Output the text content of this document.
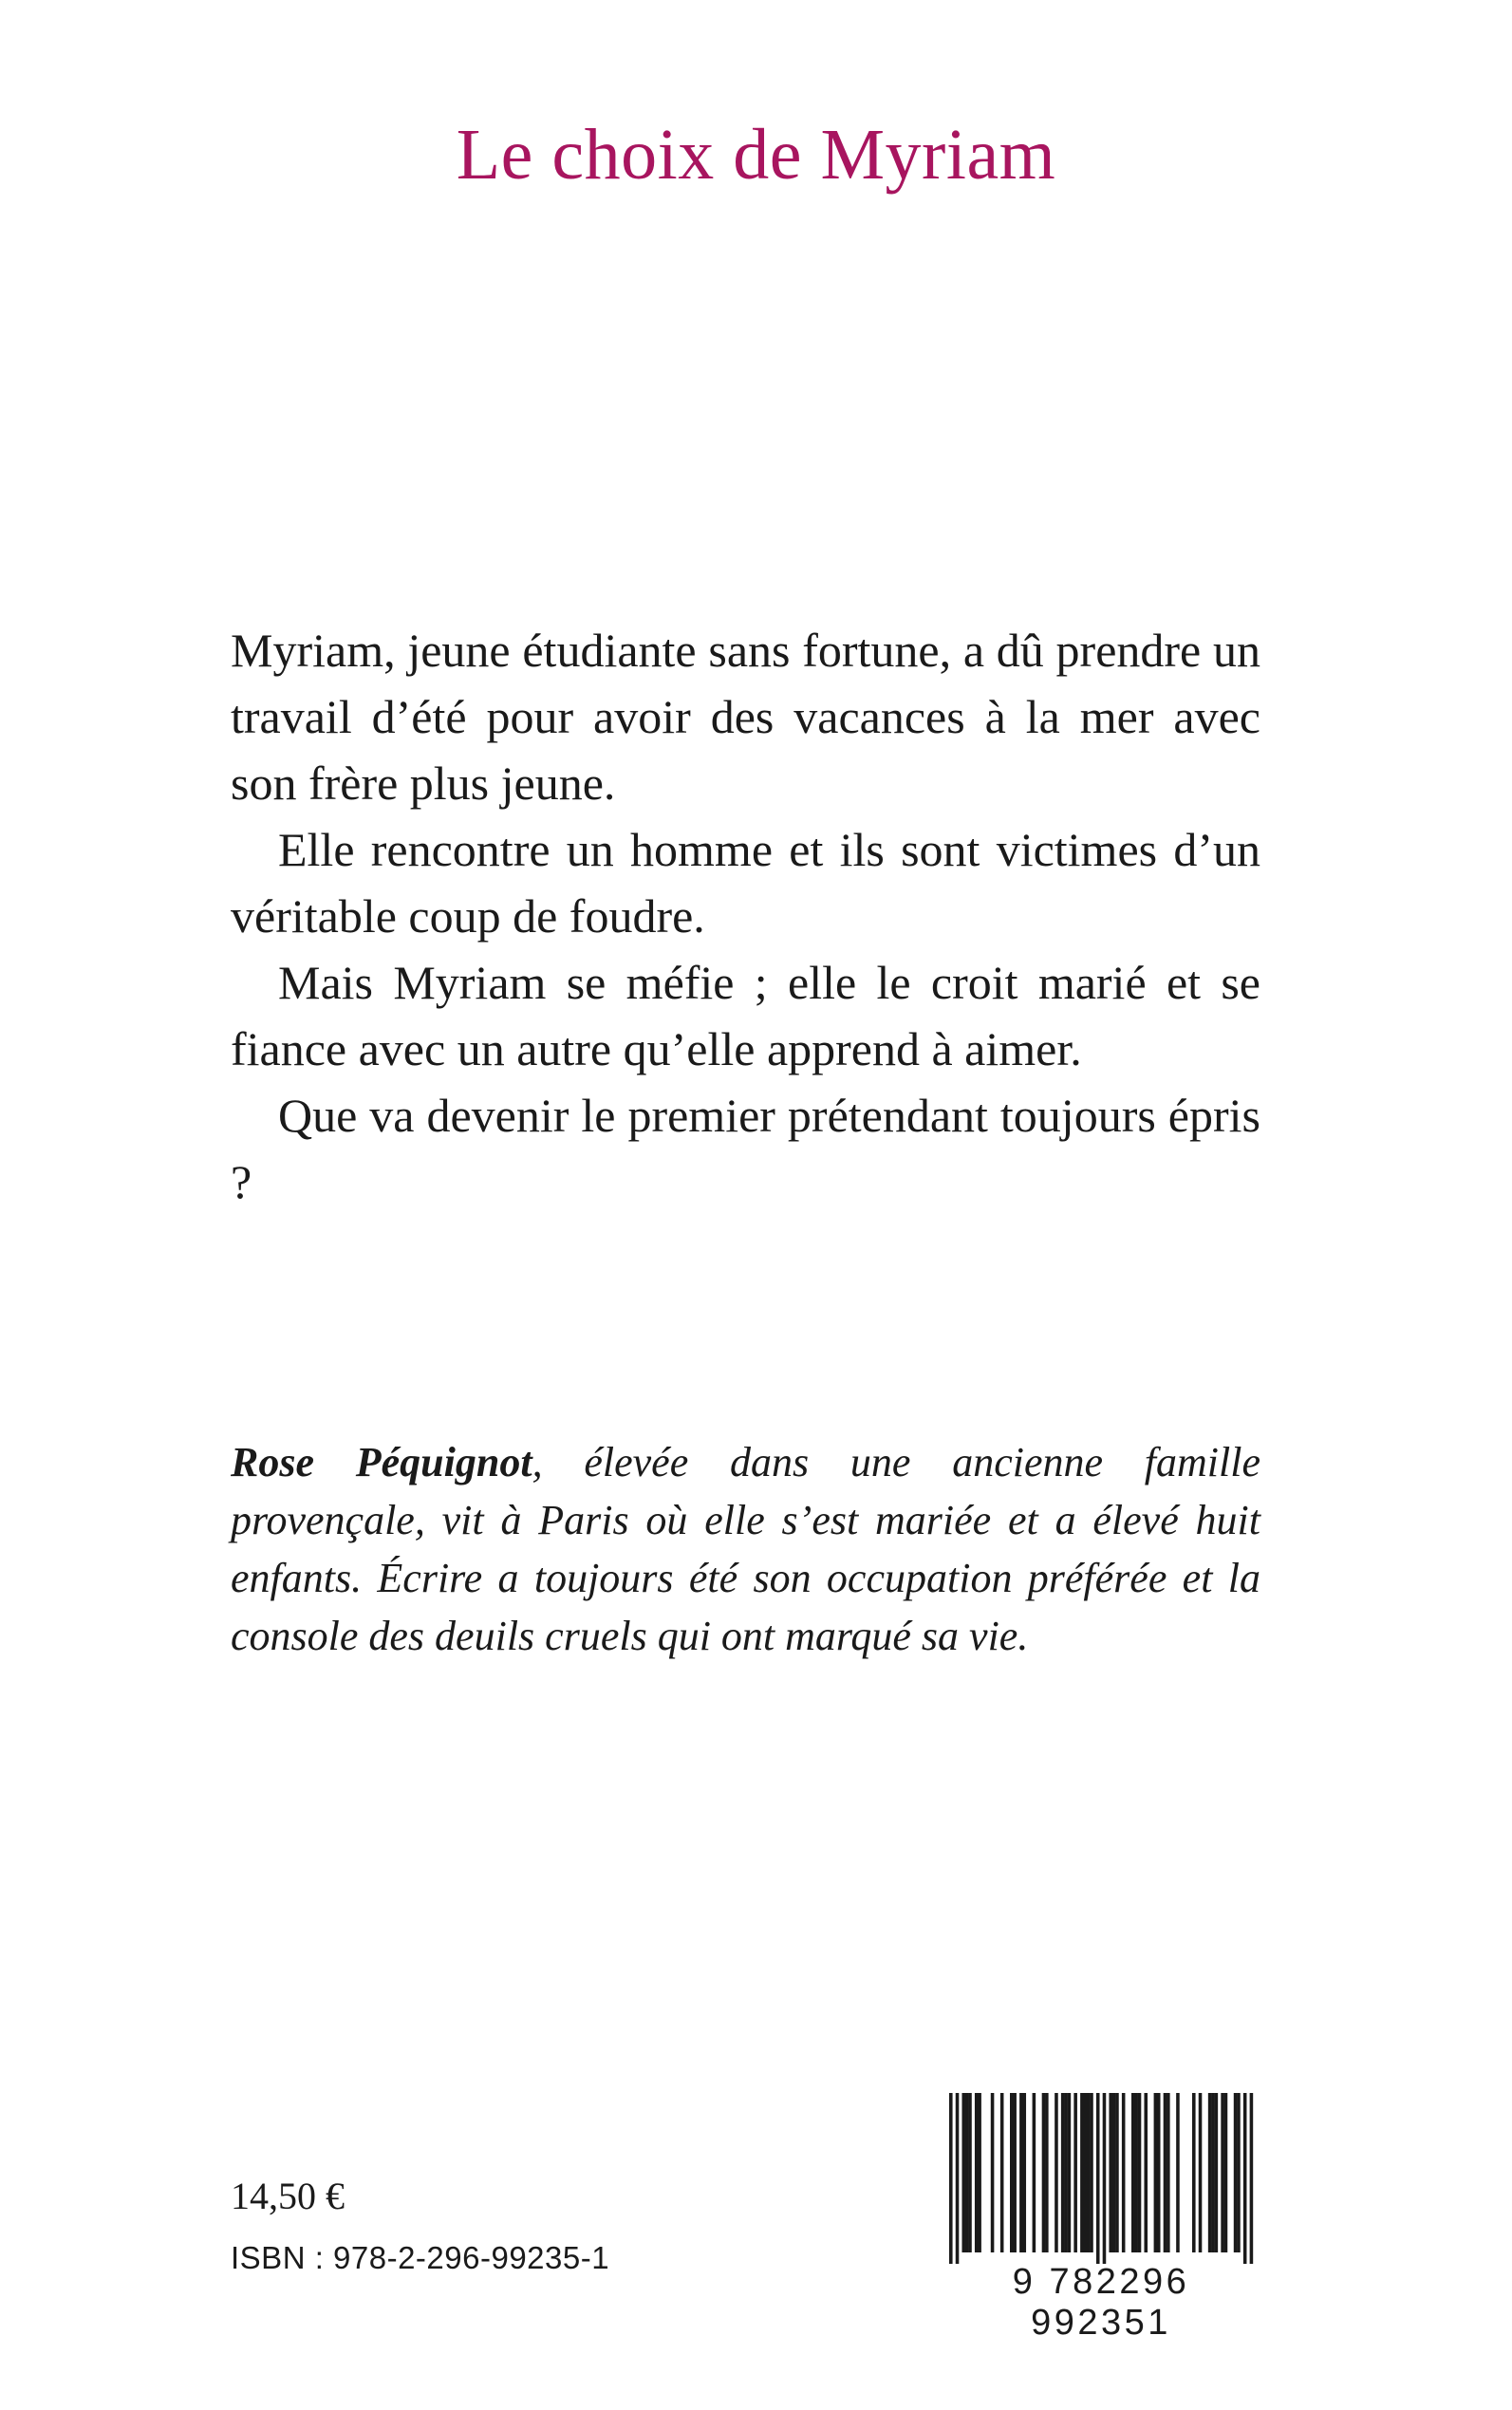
Le choix de Myriam

Myriam, jeune étudiante sans fortune, a dû prendre un travail d’été pour avoir des vacances à la mer avec son frère plus jeune.

Elle rencontre un homme et ils sont victimes d’un véritable coup de foudre.

Mais Myriam se méfie ; elle le croit marié et se fiance avec un autre qu’elle apprend à aimer.

Que va devenir le premier prétendant toujours épris ?

Rose Péquignot, élevée dans une ancienne famille provençale, vit à Paris où elle s’est mariée et a élevé huit enfants. Écrire a toujours été son occupation préférée et la console des deuils cruels qui ont marqué sa vie.

14,50 €

ISBN : 978-2-296-99235-1

9 782296 992351
